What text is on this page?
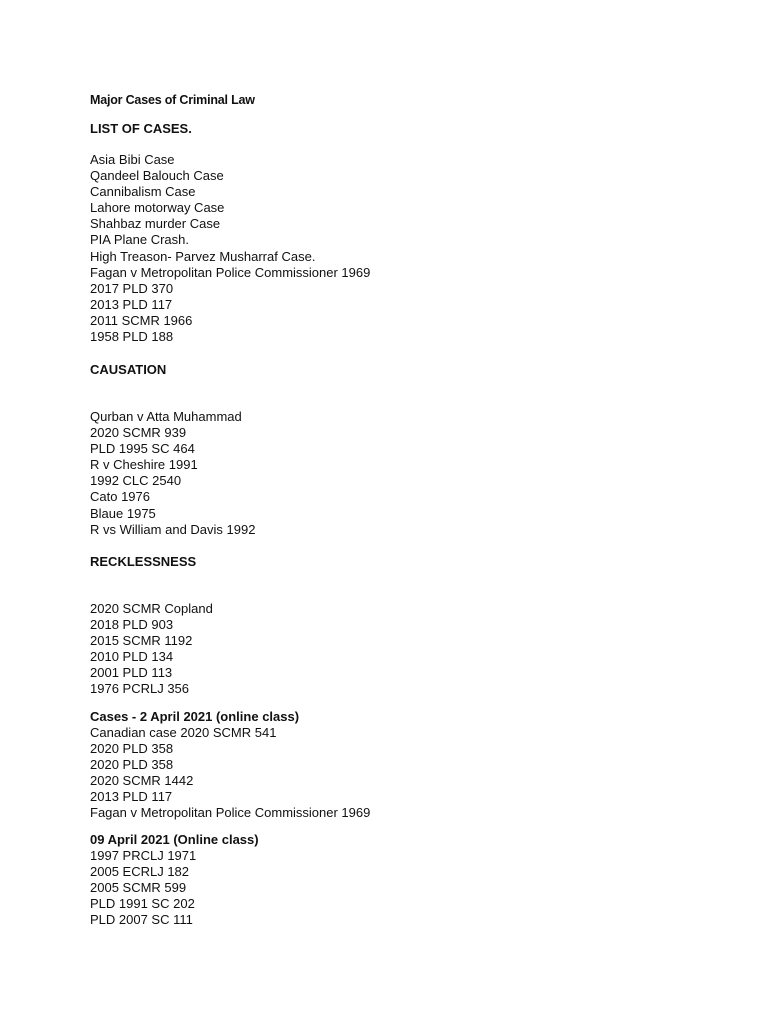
Major Cases of Criminal Law
LIST OF CASES.
Asia Bibi Case
Qandeel Balouch Case
Cannibalism Case
Lahore motorway Case
Shahbaz murder Case
PIA Plane Crash.
High Treason- Parvez Musharraf Case.
Fagan v Metropolitan Police Commissioner 1969
2017 PLD 370
2013 PLD 117
2011 SCMR 1966
1958 PLD 188
CAUSATION
Qurban v Atta Muhammad
2020 SCMR 939
PLD 1995 SC 464
R v Cheshire 1991
1992 CLC 2540
Cato 1976
Blaue 1975
R vs William and Davis 1992
RECKLESSNESS
2020 SCMR Copland
2018 PLD 903
2015 SCMR 1192
2010 PLD 134
2001 PLD 113
1976 PCRLJ 356
Cases - 2 April 2021 (online class)
Canadian case 2020 SCMR 541
2020 PLD 358
2020 PLD 358
2020 SCMR 1442
2013 PLD 117
Fagan v Metropolitan Police Commissioner 1969
09 April 2021 (Online class)
1997 PRCLJ 1971
2005 ECRLJ 182
2005 SCMR 599
PLD 1991 SC 202
PLD 2007 SC 111
